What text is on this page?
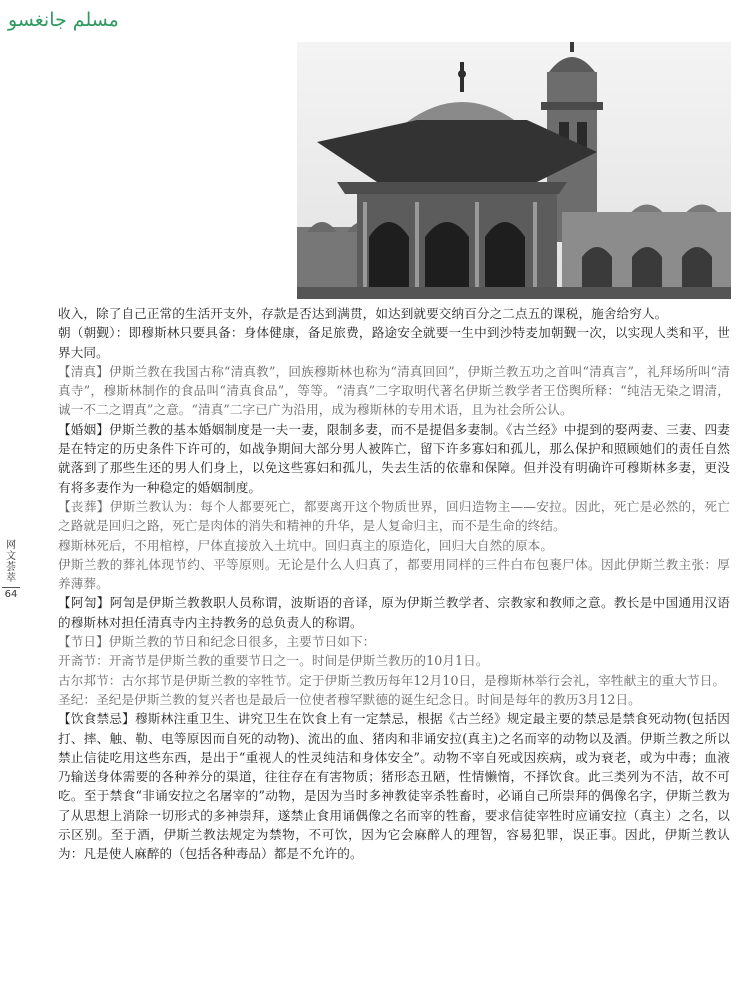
مسلم جانغسو
网文荟萃
64

收入，除了自己正常的生活开支外，存款是否达到满贯，如达到就要交纳百分之二点五的课税，施舍给穷人。

朝（朝觐）：即穆斯林只要具备：身体健康，备足旅费，路途安全就要一生中到沙特麦加朝觐一次，以实现人类和平，世界大同。

【清真】伊斯兰教在我国古称“清真教”，回族穆斯林也称为“清真回回”，伊斯兰教五功之首叫“清真言”，礼拜场所叫“清真寺”，穆斯林制作的食品叫“清真食品”，等等。“清真”二字取明代著名伊斯兰教学者王岱舆所释：“纯洁无染之谓清，诚一不二之谓真”之意。“清真”二字已广为沿用，成为穆斯林的专用术语，且为社会所公认。

【婚姻】伊斯兰教的基本婚姻制度是一夫一妻，限制多妻，而不是提倡多妻制。《古兰经》中提到的娶两妻、三妻、四妻是在特定的历史条件下许可的，如战争期间大部分男人被阵亡，留下许多寡妇和孤儿，那么保护和照顾她们的责任自然就落到了那些生还的男人们身上，以免这些寡妇和孤儿，失去生活的依靠和保障。但并没有明确许可穆斯林多妻，更没有将多妻作为一种稳定的婚姻制度。

【丧葬】伊斯兰教认为：每个人都要死亡，都要离开这个物质世界，回归造物主——安拉。因此，死亡是必然的，死亡之路就是回归之路，死亡是肉体的消失和精神的升华，是人复命归主，而不是生命的终结。

穆斯林死后，不用棺椁，尸体直接放入土坑中。回归真主的原造化，回归大自然的原本。

伊斯兰教的葬礼体现节约、平等原则。无论是什么人归真了，都要用同样的三件白布包裹尸体。因此伊斯兰教主张：厚养薄葬。

【阿訇】阿訇是伊斯兰教教职人员称谓，波斯语的音译，原为伊斯兰教学者、宗教家和教师之意。教长是中国通用汉语的穆斯林对担任清真寺内主持教务的总负责人的称谓。

【节日】伊斯兰教的节日和纪念日很多，主要节日如下：

开斋节：开斋节是伊斯兰教的重要节日之一。时间是伊斯兰教历的10月1日。

古尔邦节：古尔邦节是伊斯兰教的宰牲节。定于伊斯兰教历每年12月10日，是穆斯林举行会礼，宰牲献主的重大节日。

圣纪：圣纪是伊斯兰教的复兴者也是最后一位使者穆罕默德的诞生纪念日。时间是每年的教历3月12日。

【饮食禁忌】穆斯林注重卫生、讲究卫生在饮食上有一定禁忌，根据《古兰经》规定最主要的禁忌是禁食死动物(包括因打、摔、触、勒、电等原因而自死的动物)、流出的血、猪肉和非诵安拉(真主)之名而宰的动物以及酒。伊斯兰教之所以禁止信徒吃用这些东西，是出于“重视人的性灵纯洁和身体安全”。动物不宰自死或因疾病，或为衰老，或为中毒；血液乃输送身体需要的各种养分的渠道，往往存在有害物质；猪形态丑陋，性情懒惰，不择饮食。此三类列为不洁，故不可吃。至于禁食“非诵安拉之名屠宰的”动物，是因为当时多神教徒宰杀牲畜时，必诵自己所崇拜的偶像名字，伊斯兰教为了从思想上消除一切形式的多神崇拜，遂禁止食用诵偶像之名而宰的牲畜，要求信徒宰牲时应诵安拉（真主）之名，以示区别。至于酒，伊斯兰教法规定为禁物，不可饮，因为它会麻醉人的理智，容易犯罪，误正事。因此，伊斯兰教认为：凡是使人麻醉的（包括各种毒品）都是不允许的。
